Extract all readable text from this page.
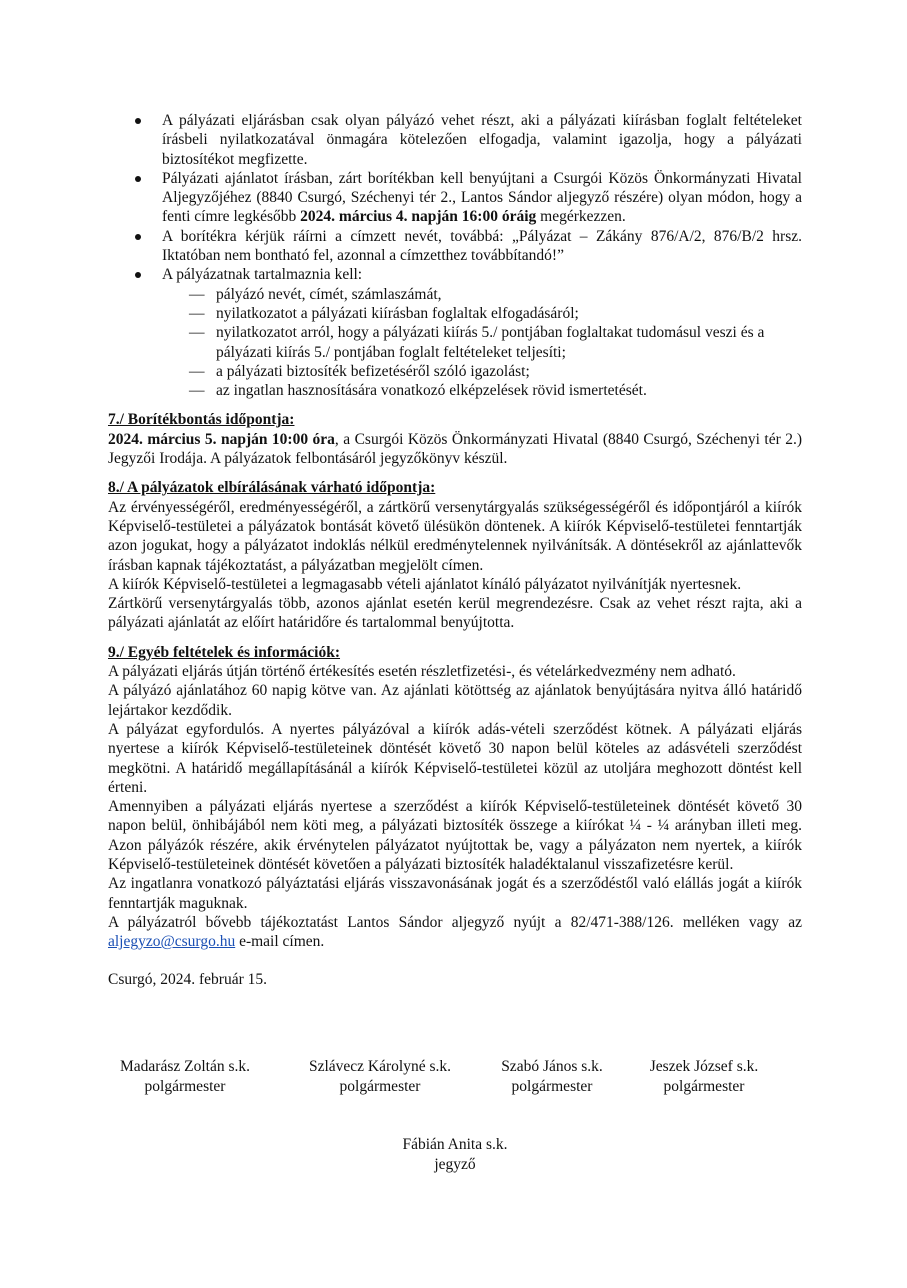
A pályázati eljárásban csak olyan pályázó vehet részt, aki a pályázati kiírásban foglalt feltételeket írásbeli nyilatkozatával önmagára kötelezően elfogadja, valamint igazolja, hogy a pályázati biztosítékot megfizette.
Pályázati ajánlatot írásban, zárt borítékban kell benyújtani a Csurgói Közös Önkormányzati Hivatal Aljegyzőjéhez (8840 Csurgó, Széchenyi tér 2., Lantos Sándor aljegyző részére) olyan módon, hogy a fenti címre legkésőbb 2024. március 4. napján 16:00 óráig megérkezzen.
A borítékra kérjük ráírni a címzett nevét, továbbá: „Pályázat – Zákány 876/A/2, 876/B/2 hrsz. Iktatóban nem bontható fel, azonnal a címzetthez továbbítandó!”
A pályázatnak tartalmaznia kell:
— pályázó nevét, címét, számlaszámát,
— nyilatkozatot a pályázati kiírásban foglaltak elfogadásáról;
— nyilatkozatot arról, hogy a pályázati kiírás 5./ pontjában foglaltakat tudomásul veszi és a pályázati kiírás 5./ pontjában foglalt feltételeket teljesíti;
— a pályázati biztosíték befizetéséről szóló igazolást;
— az ingatlan hasznosítására vonatkozó elképzelések rövid ismertetését.
7./ Borítékbontás időpontja:
2024. március 5. napján 10:00 óra, a Csurgói Közös Önkormányzati Hivatal (8840 Csurgó, Széchenyi tér 2.) Jegyzői Irodája. A pályázatok felbontásáról jegyzőkönyv készül.
8./ A pályázatok elbírálásának várható időpontja:
Az érvényességéről, eredményességéről, a zártkörű versenytárgyalás szükségességéről és időpontjáról a kiírók Képviselő-testületei a pályázatok bontását követő ülésükön döntenek. A kiírók Képviselő-testületei fenntartják azon jogukat, hogy a pályázatot indoklás nélkül eredménytelennek nyilvánítsák. A döntésekről az ajánlattevők írásban kapnak tájékoztatást, a pályázatban megjelölt címen.
A kiírók Képviselő-testületei a legmagasabb vételi ajánlatot kínáló pályázatot nyilvánítják nyertesnek.
Zártkörű versenytárgyalás több, azonos ajánlat esetén kerül megrendezésre. Csak az vehet részt rajta, aki a pályázati ajánlatát az előírt határidőre és tartalommal benyújtotta.
9./ Egyéb feltételek és információk:
A pályázati eljárás útján történő értékesítés esetén részletfizetési-, és vételárkedvezmény nem adható.
A pályázó ajánlatához 60 napig kötve van. Az ajánlati kötöttség az ajánlatok benyújtására nyitva álló határidő lejártakor kezdődik.
A pályázat egyfordulós. A nyertes pályázóval a kiírók adás-vételi szerződést kötnek. A pályázati eljárás nyertese a kiírók Képviselő-testületeinek döntését követő 30 napon belül köteles az adásvételi szerződést megkötni. A határidő megállapításánál a kiírók Képviselő-testületei közül az utoljára meghozott döntést kell érteni.
Amennyiben a pályázati eljárás nyertese a szerződést a kiírók Képviselő-testületeinek döntését követő 30 napon belül, önhibájából nem köti meg, a pályázati biztosíték összege a kiírókat ¼ - ¼ arányban illeti meg. Azon pályázók részére, akik érvénytelen pályázatot nyújtottak be, vagy a pályázaton nem nyertek, a kiírók Képviselő-testületeinek döntését követően a pályázati biztosíték haladéktalanul visszafizetésre kerül.
Az ingatlanra vonatkozó pályáztatási eljárás visszavonásának jogát és a szerződéstől való elállás jogát a kiírók fenntartják maguknak.
A pályázatról bővebb tájékoztatást Lantos Sándor aljegyző nyújt a 82/471-388/126. melléken vagy az aljegyzo@csurgo.hu e-mail címen.
Csurgó, 2024. február 15.
Madarász Zoltán s.k.
polgármester
Szlávecz Károlyné s.k.
polgármester
Szabó János s.k.
polgármester
Jeszek József s.k.
polgármester
Fábián Anita s.k.
jegyző
